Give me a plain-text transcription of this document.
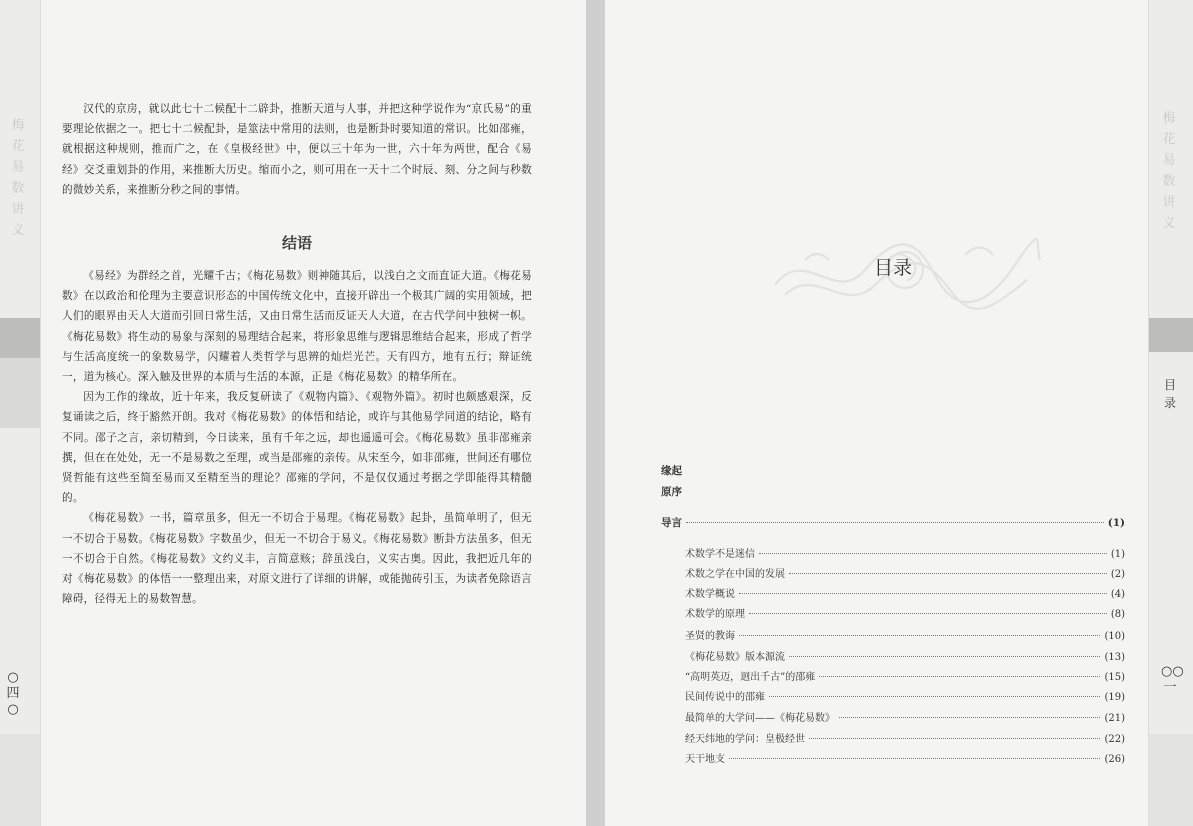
梅花易数讲义
○四○

汉代的京房，就以此七十二候配十二辟卦，推断天道与人事，并把这种学说作为“京氏易”的重要理论依据之一。把七十二候配卦，是筮法中常用的法则，也是断卦时要知道的常识。比如邵雍，就根据这种规则，推而广之，在《皇极经世》中，便以三十年为一世，六十年为两世，配合《易经》交爻重划卦的作用，来推断大历史。缩而小之，则可用在一天十二个时辰、刻、分之间与秒数的微妙关系，来推断分秒之间的事情。

结语

《易经》为群经之首，光耀千古；《梅花易数》则神随其后，以浅白之文而直证大道。《梅花易数》在以政治和伦理为主要意识形态的中国传统文化中，直接开辟出一个极其广阔的实用领域，把人们的眼界由天人大道而引回日常生活，又由日常生活而反证天人大道，在古代学问中独树一帜。《梅花易数》将生动的易象与深刻的易理结合起来，将形象思维与逻辑思维结合起来，形成了哲学与生活高度统一的象数易学，闪耀着人类哲学与思辨的灿烂光芒。天有四方，地有五行；辩证统一，道为核心。深入触及世界的本质与生活的本源，正是《梅花易数》的精华所在。

因为工作的缘故，近十年来，我反复研读了《观物内篇》、《观物外篇》。初时也颇感艰深，反复诵读之后，终于豁然开朗。我对《梅花易数》的体悟和结论，或许与其他易学同道的结论，略有不同。邵子之言，亲切精到，今日读来，虽有千年之远，却也遥遥可会。《梅花易数》虽非邵雍亲撰，但在在处处，无一不是易数之至理，或当是邵雍的亲传。从宋至今，如非邵雍，世间还有哪位贤哲能有这些至简至易而又至精至当的理论？邵雍的学问，不是仅仅通过考据之学即能得其精髓的。

《梅花易数》一书，篇章虽多，但无一不切合于易理。《梅花易数》起卦，虽简单明了，但无一不切合于易数。《梅花易数》字数虽少，但无一不切合于易义。《梅花易数》断卦方法虽多，但无一不切合于自然。《梅花易数》文约义丰，言简意赅；辞虽浅白，义实古奥。因此，我把近几年的对《梅花易数》的体悟一一整理出来，对原文进行了详细的讲解，或能抛砖引玉，为读者免除语言障碍，径得无上的易数智慧。

梅花易数讲义
目录
○○一
目录
缘起
原序
导言	(1)
术数学不是迷信	(1)
术数之学在中国的发展	(2)
术数学概说	(4)
术数学的原理	(8)
圣贤的教诲	(10)
《梅花易数》版本源流	(13)
“高明英迈，迥出千古”的邵雍	(15)
民间传说中的邵雍	(19)
最简单的大学问——《梅花易数》	(21)
经天纬地的学问：皇极经世	(22)
天干地支	(26)
